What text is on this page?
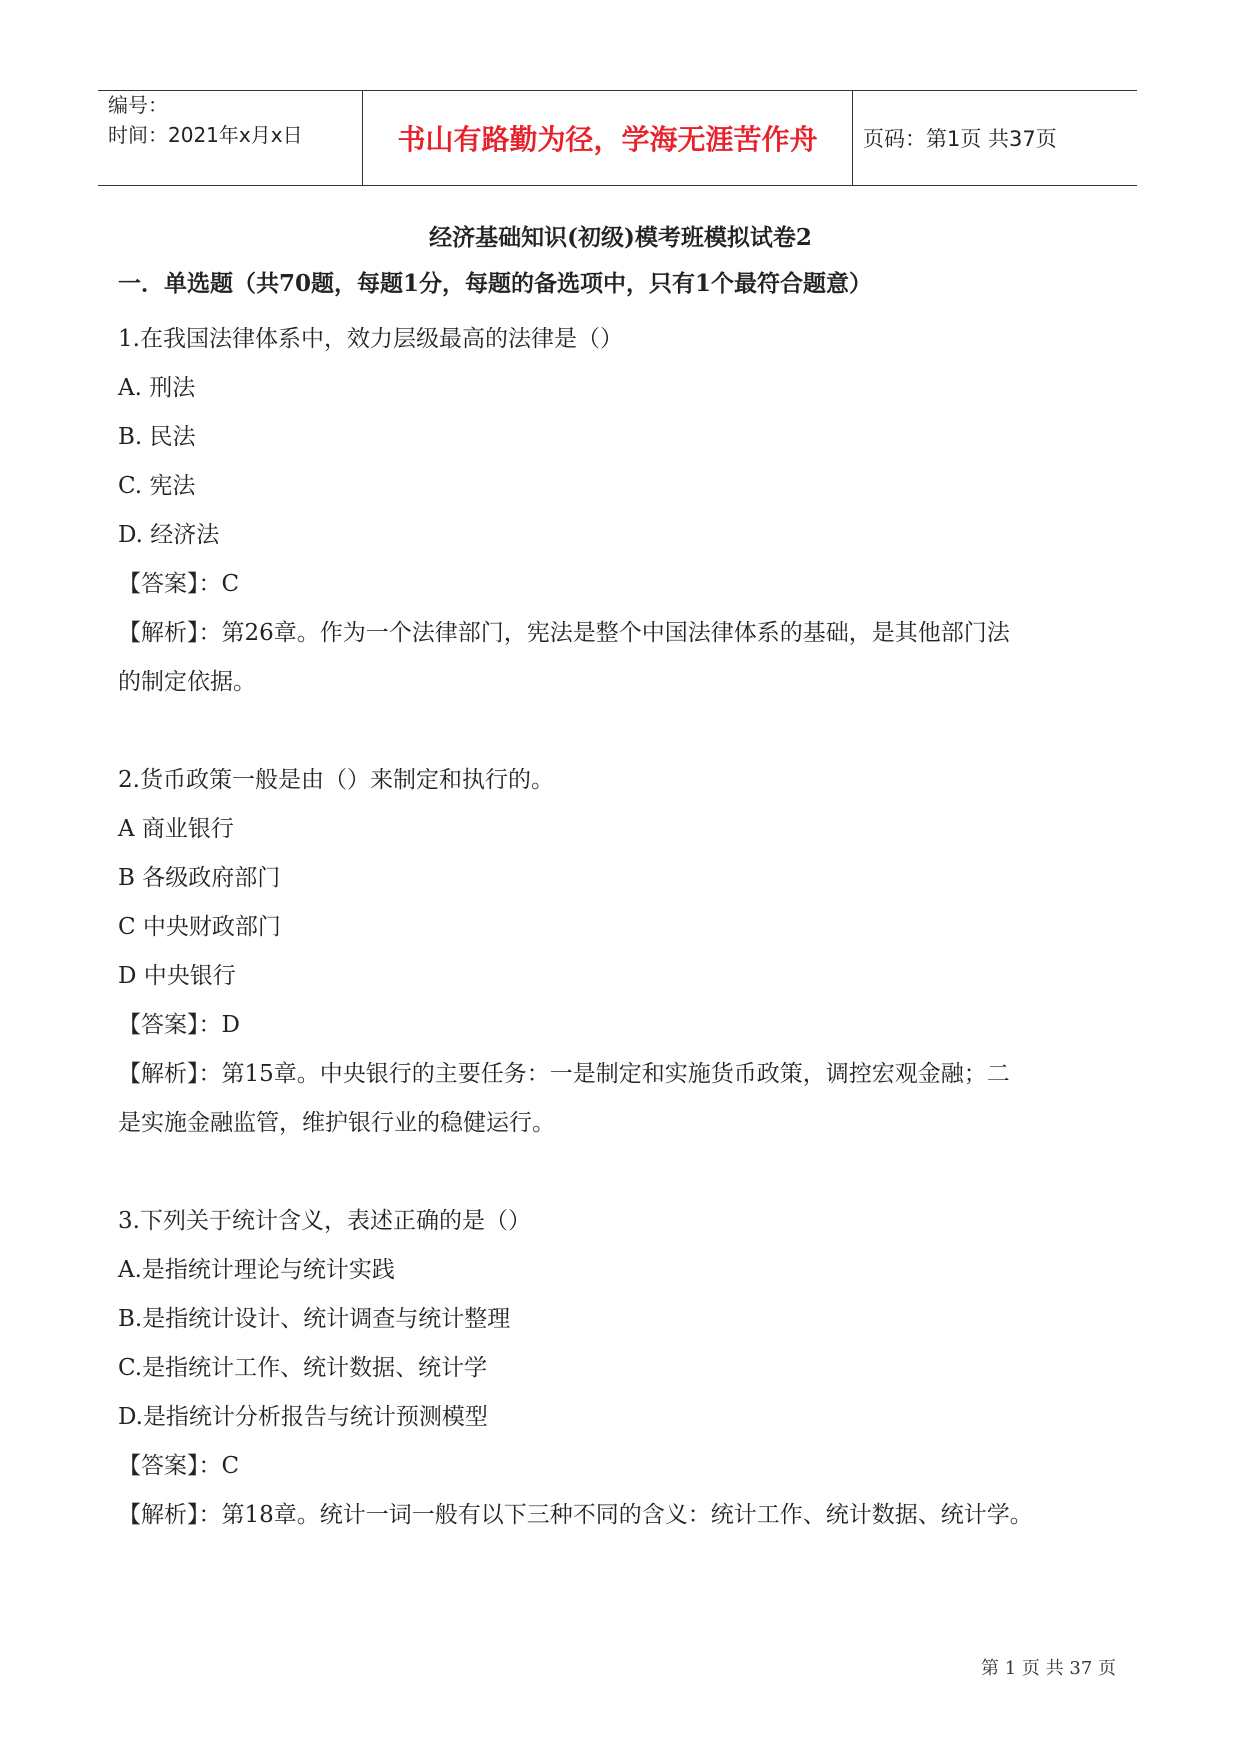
编号：
时间：2021年x月x日	书山有路勤为径，学海无涯苦作舟 页码：第1页 共37页
经济基础知识(初级)模考班模拟试卷2
一．单选题（共70题，每题1分，每题的备选项中，只有1个最符合题意）
1.在我国法律体系中，效力层级最高的法律是（）
A. 刑法
B. 民法
C. 宪法
D. 经济法
【答案】：C
【解析】：第26章。作为一个法律部门，宪法是整个中国法律体系的基础，是其他部门法
的制定依据。
2.货币政策一般是由（）来制定和执行的。
A 商业银行
B 各级政府部门
C 中央财政部门
D 中央银行
【答案】：D
【解析】：第15章。中央银行的主要任务：一是制定和实施货币政策，调控宏观金融；二
是实施金融监管，维护银行业的稳健运行。
3.下列关于统计含义，表述正确的是（）
A.是指统计理论与统计实践
B.是指统计设计、统计调查与统计整理
C.是指统计工作、统计数据、统计学
D.是指统计分析报告与统计预测模型
【答案】：C
【解析】：第18章。统计一词一般有以下三种不同的含义：统计工作、统计数据、统计学。
第 1 页 共 37 页
